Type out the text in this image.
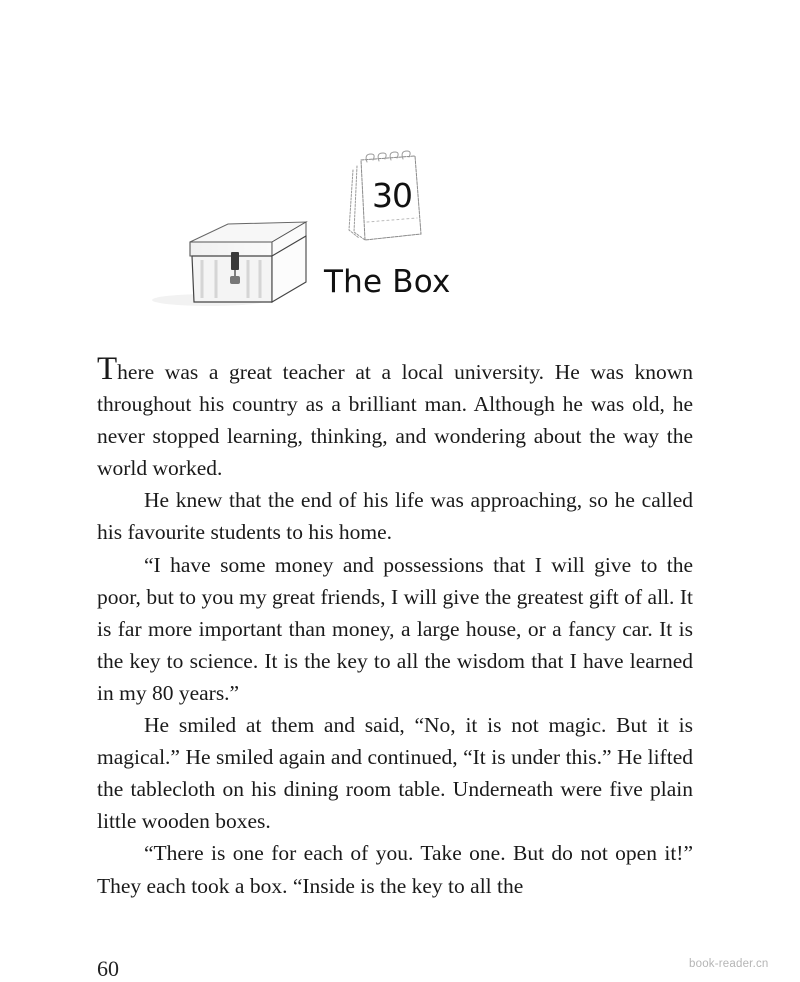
30
The Box

There was a great teacher at a local university. He was known throughout his country as a brilliant man. Although he was old, he never stopped learning, thinking, and wondering about the way the world worked.

He knew that the end of his life was approaching, so he called his favourite students to his home.

“I have some money and possessions that I will give to the poor, but to you my great friends, I will give the greatest gift of all. It is far more important than money, a large house, or a fancy car. It is the key to science. It is the key to all the wisdom that I have learned in my 80 years.”

He smiled at them and said, “No, it is not magic. But it is magical.” He smiled again and continued, “It is under this.” He lifted the tablecloth on his dining room table. Underneath were five plain little wooden boxes.

“There is one for each of you. Take one. But do not open it!” They each took a box. “Inside is the key to all the

60	book-reader.cn
